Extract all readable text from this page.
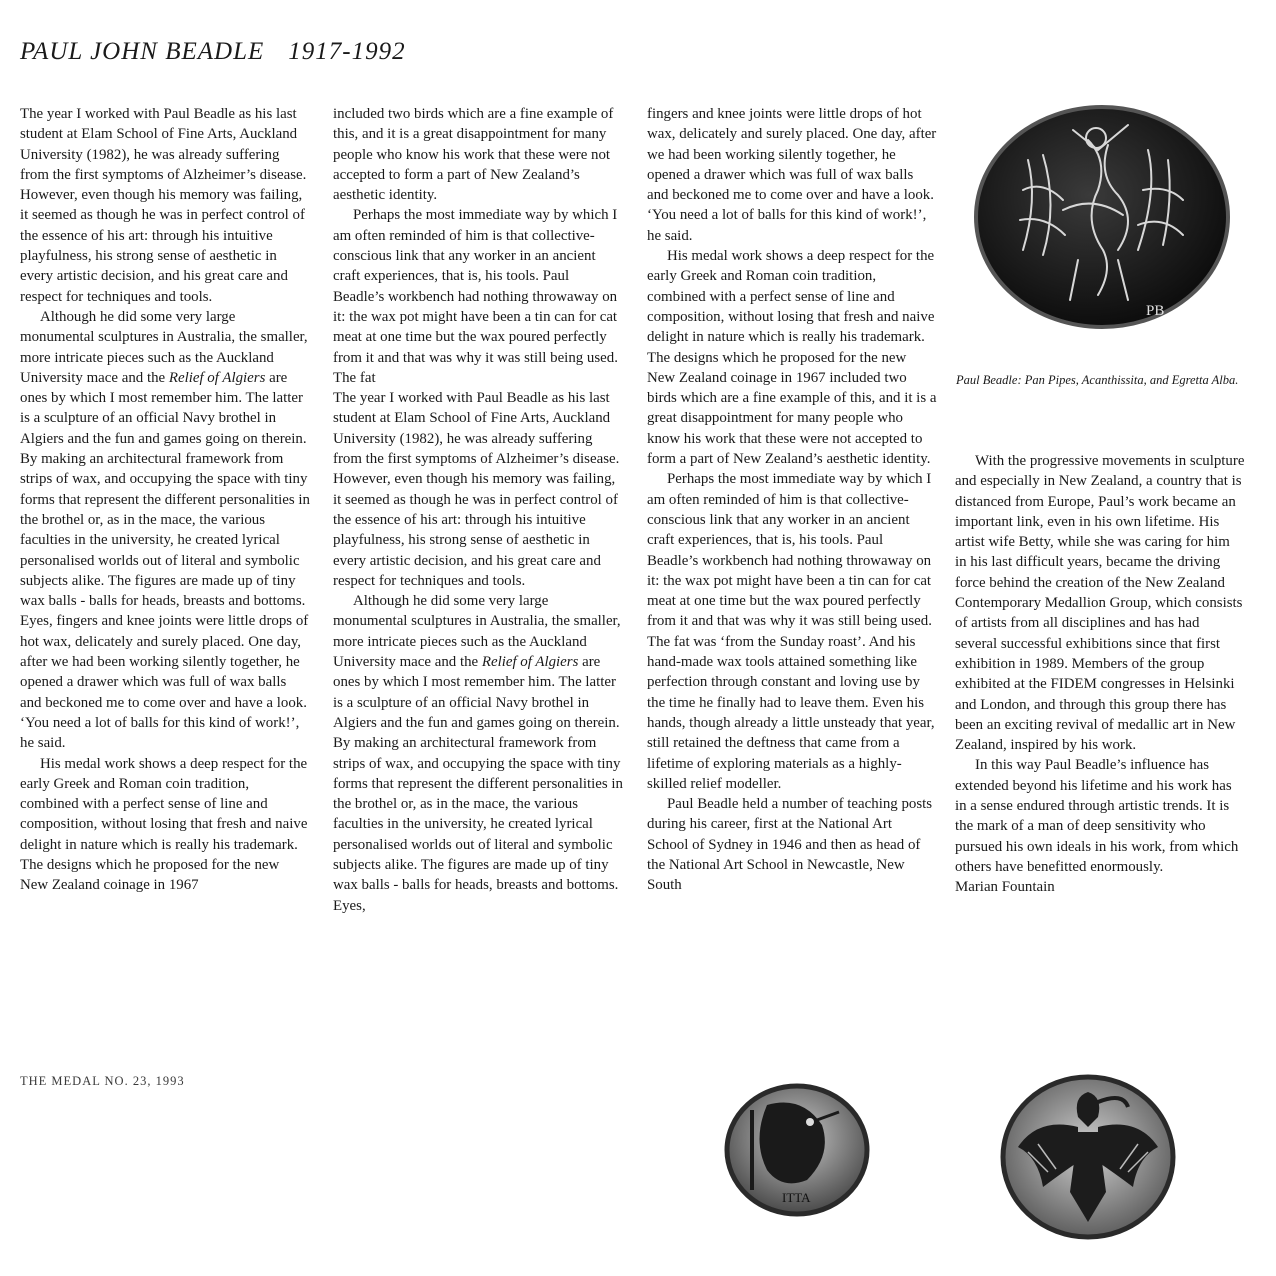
PAUL JOHN BEADLE 1917-1992

The year I worked with Paul Beadle as his last student at Elam School of Fine Arts, Auckland University (1982), he was already suffering from the first symptoms of Alzheimer’s disease. However, even though his memory was failing, it seemed as though he was in perfect control of the essence of his art: through his intuitive playfulness, his strong sense of aesthetic in every artistic decision, and his great care and respect for techniques and tools.

Although he did some very large monumental sculptures in Australia, the smaller, more intricate pieces such as the Auckland University mace and the Relief of Algiers are ones by which I most remember him. The latter is a sculpture of an official Navy brothel in Algiers and the fun and games going on therein. By making an architectural framework from strips of wax, and occupying the space with tiny forms that represent the different personalities in the brothel or, as in the mace, the various faculties in the university, he created lyrical personalised worlds out of literal and symbolic subjects alike. The figures are made up of tiny wax balls - balls for heads, breasts and bottoms. Eyes, fingers and knee joints were little drops of hot wax, delicately and surely placed. One day, after we had been working silently together, he opened a drawer which was full of wax balls and beckoned me to come over and have a look. ‘You need a lot of balls for this kind of work!’, he said.

His medal work shows a deep respect for the early Greek and Roman coin tradition, combined with a perfect sense of line and composition, without losing that fresh and naive delight in nature which is really his trademark. The designs which he proposed for the new New Zealand coinage in 1967

included two birds which are a fine example of this, and it is a great disappointment for many people who know his work that these were not accepted to form a part of New Zealand’s aesthetic identity.

Perhaps the most immediate way by which I am often reminded of him is that collective-conscious link that any worker in an ancient craft experiences, that is, his tools. Paul Beadle’s workbench had nothing throwaway on it: the wax pot might have been a tin can for cat meat at one time but the wax poured perfectly from it and that was why it was still being used. The fat

The year I worked with Paul Beadle as his last student at Elam School of Fine Arts, Auckland University (1982), he was already suffering from the first symptoms of Alzheimer’s disease. However, even though his memory was failing, it seemed as though he was in perfect control of the essence of his art: through his intuitive playfulness, his strong sense of aesthetic in every artistic decision, and his great care and respect for techniques and tools.

Although he did some very large monumental sculptures in Australia, the smaller, more intricate pieces such as the Auckland University mace and the Relief of Algiers are ones by which I most remember him. The latter is a sculpture of an official Navy brothel in Algiers and the fun and games going on therein. By making an architectural framework from strips of wax, and occupying the space with tiny forms that represent the different personalities in the brothel or, as in the mace, the various faculties in the university, he created lyrical personalised worlds out of literal and symbolic subjects alike. The figures are made up of tiny wax balls - balls for heads, breasts and bottoms. Eyes,

fingers and knee joints were little drops of hot wax, delicately and surely placed. One day, after we had been working silently together, he opened a drawer which was full of wax balls and beckoned me to come over and have a look. ‘You need a lot of balls for this kind of work!’, he said.

His medal work shows a deep respect for the early Greek and Roman coin tradition, combined with a perfect sense of line and composition, without losing that fresh and naive delight in nature which is really his trademark. The designs which he proposed for the new New Zealand coinage in 1967 included two birds which are a fine example of this, and it is a great disappointment for many people who know his work that these were not accepted to form a part of New Zealand’s aesthetic identity.

Perhaps the most immediate way by which I am often reminded of him is that collective-conscious link that any worker in an ancient craft experiences, that is, his tools. Paul Beadle’s workbench had nothing throwaway on it: the wax pot might have been a tin can for cat meat at one time but the wax poured perfectly from it and that was why it was still being used. The fat was ‘from the Sunday roast’. And his hand-made wax tools attained something like perfection through constant and loving use by the time he finally had to leave them. Even his hands, though already a little unsteady that year, still retained the deftness that came from a lifetime of exploring materials as a highly-skilled relief modeller.

Paul Beadle held a number of teaching posts during his career, first at the National Art School of Sydney in 1946 and then as head of the National Art School in Newcastle, New South

With the progressive movements in sculpture and especially in New Zealand, a country that is distanced from Europe, Paul’s work became an important link, even in his own lifetime. His artist wife Betty, while she was caring for him in his last difficult years, became the driving force behind the creation of the New Zealand Contemporary Medallion Group, which consists of artists from all disciplines and has had several successful exhibitions since that first exhibition in 1989. Members of the group exhibited at the FIDEM congresses in Helsinki and London, and through this group there has been an exciting revival of medallic art in New Zealand, inspired by his work.

In this way Paul Beadle’s influence has extended beyond his lifetime and his work has in a sense endured through artistic trends. It is the mark of a man of deep sensitivity who pursued his own ideals in his work, from which others have benefitted enormously.

Marian Fountain

Paul Beadle: Pan Pipes, Acanthissita, and Egretta Alba.
THE MEDAL NO. 23, 1993
PB
ITTA
